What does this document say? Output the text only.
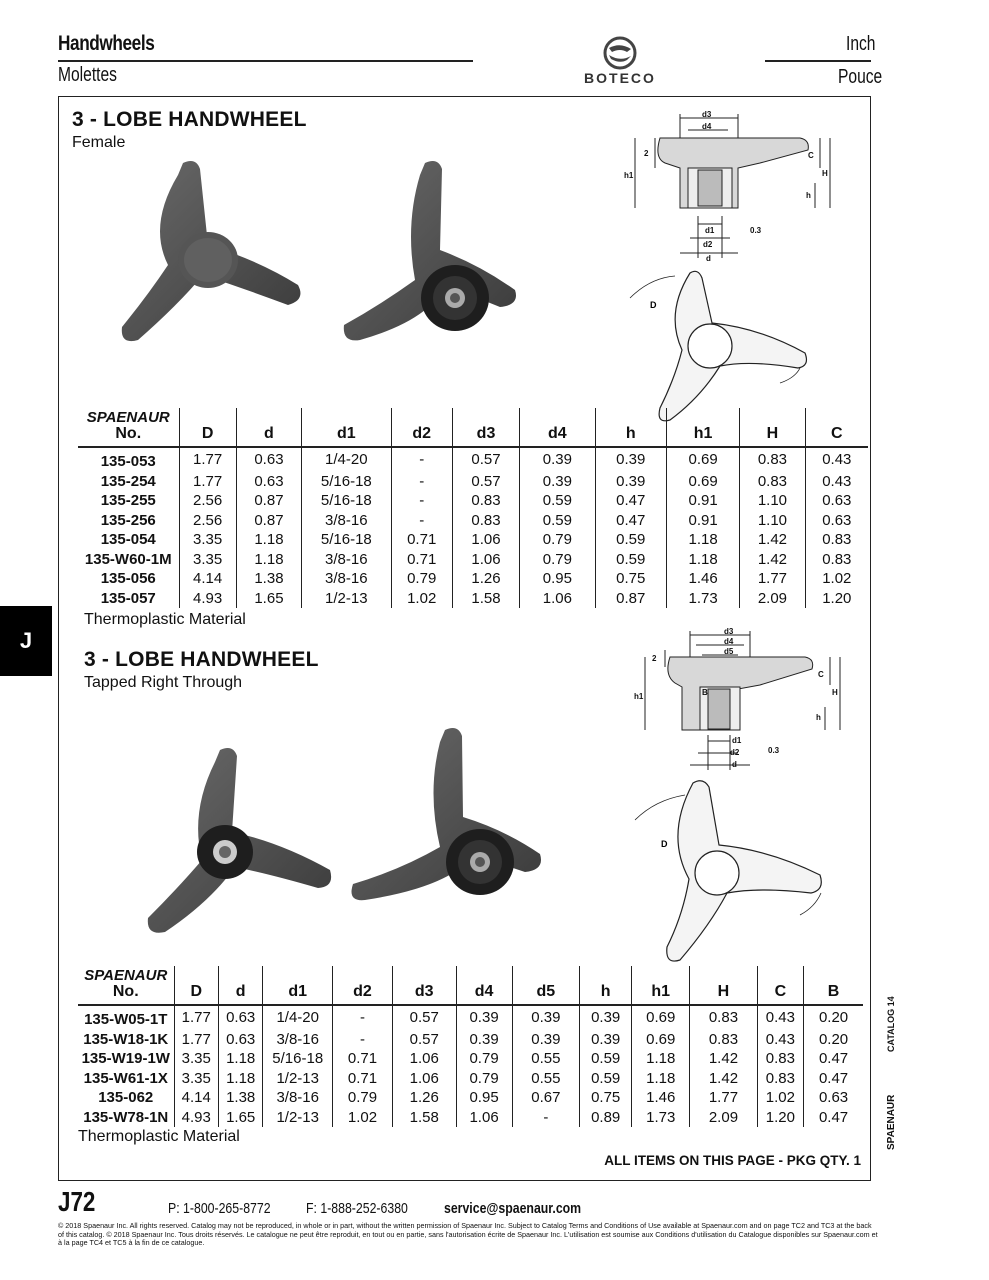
Handwheels
Molettes	BOTECO
Inch
Pouce
3 - LOBE HANDWHEEL
Female
d3
d4
C
H
h
h1
2
d1
d2
d
0.3
D
SPAENAUR
No.	D	d	d1	d2	d3	d4	h	h1	H	C
135-053	1.77	0.63	1/4-20	-	0.57	0.39	0.39	0.69	0.83	0.43
135-254	1.77	0.63	5/16-18	-	0.57	0.39	0.39	0.69	0.83	0.43
135-255	2.56	0.87	5/16-18	-	0.83	0.59	0.47	0.91	1.10	0.63
135-256	2.56	0.87	3/8-16	-	0.83	0.59	0.47	0.91	1.10	0.63
135-054	3.35	1.18	5/16-18	0.71	1.06	0.79	0.59	1.18	1.42	0.83
135-W60-1M	3.35	1.18	3/8-16	0.71	1.06	0.79	0.59	1.18	1.42	0.83
135-056	4.14	1.38	3/8-16	0.79	1.26	0.95	0.75	1.46	1.77	1.02
135-057	4.93	1.65	1/2-13	1.02	1.58	1.06	0.87	1.73	2.09	1.20
Thermoplastic Material
J
3 - LOBE HANDWHEEL
Tapped Right Through
d3
d4
d5
2
B
C
H
h
h1
d1
d2
d
0.3
D
SPAENAUR
No.	D	d	d1	d2	d3	d4	d5	h	h1	H	C	B
135-W05-1T	1.77	0.63	1/4-20	-	0.57	0.39	0.39	0.39	0.69	0.83	0.43	0.20
135-W18-1K	1.77	0.63	3/8-16	-	0.57	0.39	0.39	0.39	0.69	0.83	0.43	0.20
135-W19-1W	3.35	1.18	5/16-18	0.71	1.06	0.79	0.55	0.59	1.18	1.42	0.83	0.47
135-W61-1X	3.35	1.18	1/2-13	0.71	1.06	0.79	0.55	0.59	1.18	1.42	0.83	0.47
135-062	4.14	1.38	3/8-16	0.79	1.26	0.95	0.67	0.75	1.46	1.77	1.02	0.63
135-W78-1N	4.93	1.65	1/2-13	1.02	1.58	1.06	-	0.89	1.73	2.09	1.20	0.47
Thermoplastic Material
ALL ITEMS ON THIS PAGE - PKG QTY. 1
CATALOG 14
SPAENAUR
J72	P: 1-800-265-8772 F: 1-888-252-6380 service@spaenaur.com
© 2018 Spaenaur Inc. All rights reserved. Catalog may not be reproduced, in whole or in part, without the written permission of Spaenaur Inc. Subject to Catalog Terms and Conditions of Use available at Spaenaur.com and on page TC2 and TC3 at the back of this catalog. © 2018 Spaenaur Inc. Tous droits réservés. Le catalogue ne peut être reproduit, en tout ou en partie, sans l'autorisation écrite de Spaenaur Inc. L'utilisation est soumise aux Conditions d'utilisation du Catalogue disponibles sur Spaenaur.com et à la page TC4 et TC5 à la fin de ce catalogue.
